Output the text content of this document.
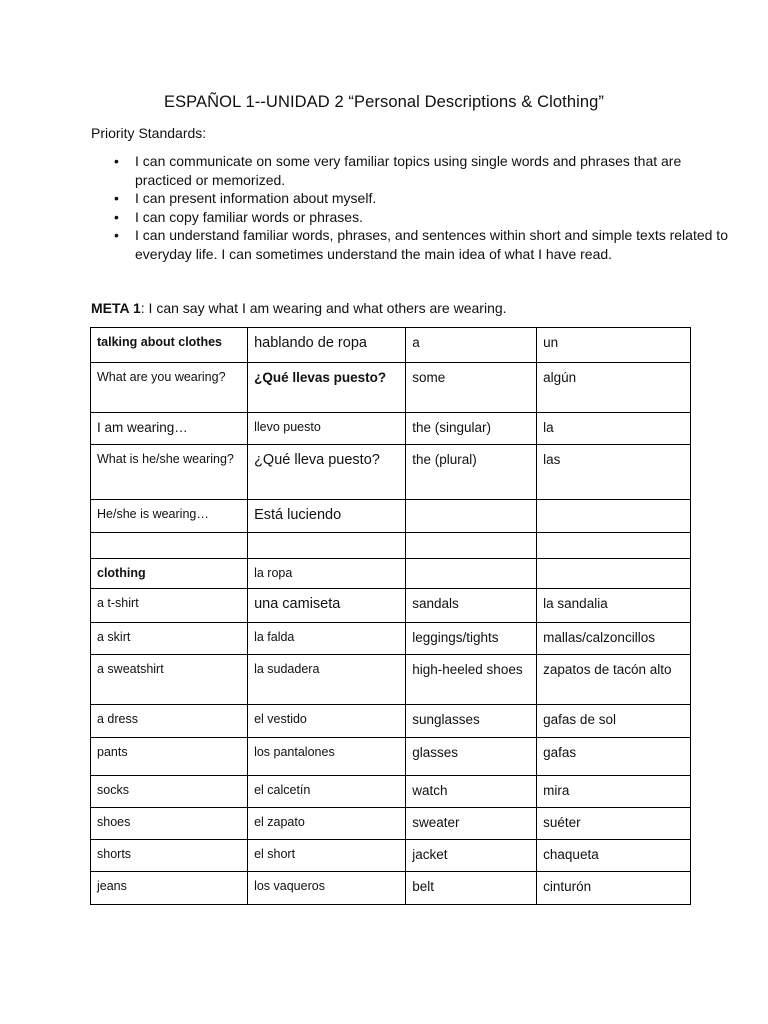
ESPAÑOL 1--UNIDAD 2 “Personal Descriptions & Clothing”
Priority Standards:
• I can communicate on some very familiar topics using single words and phrases that are practiced or memorized.
• I can present information about myself.
• I can copy familiar words or phrases.
• I can understand familiar words, phrases, and sentences within short and simple texts related to everyday life. I can sometimes understand the main idea of what I have read.
META 1: I can say what I am wearing and what others are wearing.
talking about clothes	hablando de ropa	a	un
What are you wearing?	¿Qué llevas puesto?	some	algún
I am wearing…	llevo puesto	the (singular)	la
What is he/she wearing?	¿Qué lleva puesto?	the (plural)	las
He/she is wearing…	Está luciendo		

clothing	la ropa		
a t-shirt	una camiseta	sandals	la sandalia
a skirt	la falda	leggings/tights	mallas/calzoncillos
a sweatshirt	la sudadera	high-heeled shoes	zapatos de tacón alto
a dress	el vestido	sunglasses	gafas de sol
pants	los pantalones	glasses	gafas
socks	el calcetín	watch	mira
shoes	el zapato	sweater	suéter
shorts	el short	jacket	chaqueta
jeans	los vaqueros	belt	cinturón
